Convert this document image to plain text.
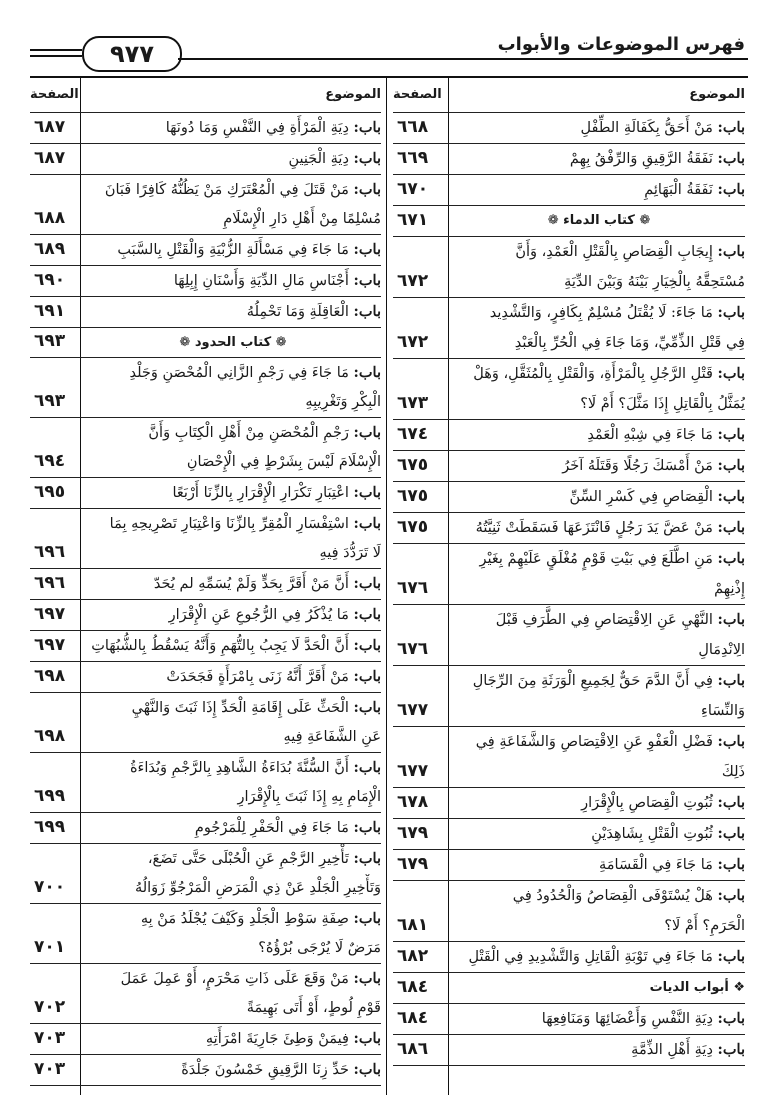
٩٧٧	فهرس الموضوعات والأبواب
الموضوع
الصفحة
باب: مَنْ أَحَقُّ بِكَفَالَةِ الطِّفْلِ
٦٦٨
باب: نَفَقَةُ الرَّقِيقِ وَالرِّفْقُ بِهِمْ
٦٦٩
باب: نَفَقَةُ الْبَهَائِمِ
٦٧٠
❁ كتاب الدماء ❁
٦٧١
باب: إِيجَابِ الْقِصَاصِ بِالْقَتْلِ الْعَمْدِ، وَأَنَّ
مُسْتَحِقَّهُ بِالْخِيَارِ بَيْنَهُ وَبَيْنَ الدِّيَةِ
٦٧٢
باب: مَا جَاءَ: لَا يُقْتَلُ مُسْلِمٌ بِكَافِرٍ، وَالتَّشْدِيد
فِي قَتْلِ الذِّمِّيِّ، وَمَا جَاءَ فِي الْحُرِّ بِالْعَبْدِ
٦٧٢
باب: قَتْلِ الرَّجُلِ بِالْمَرْأَةِ، وَالْقَتْلِ بِالْمُثَقَّلِ، وَهَلْ
يُمَثَّلُ بِالْقَاتِلِ إِذَا مَثَّلَ؟ أَمْ لَا؟
٦٧٣
باب: مَا جَاءَ فِي شِبْهِ الْعَمْدِ
٦٧٤
باب: مَنْ أَمْسَكَ رَجُلًا وَقَتَلَهُ آخَرُ
٦٧٥
باب: الْقِصَاصِ فِي كَسْرِ السِّنِّ
٦٧٥
باب: مَنْ عَضَّ يَدَ رَجُلٍ فَانْتَزَعَهَا فَسَقَطَتْ ثَنِيَّتُهُ
٦٧٥
باب: مَنِ اطَّلَعَ فِي بَيْتِ قَوْمٍ مُغْلَقٍ عَلَيْهِمْ بِغَيْرِ
إِذْنِهِمْ
٦٧٦
باب: النَّهْيِ عَنِ الِاقْتِصَاصِ فِي الطَّرَفِ قَبْلَ
الِانْدِمَالِ
٦٧٦
باب: فِي أَنَّ الدَّمَ حَقٌّ لِجَمِيعِ الْوَرَثَةِ مِنَ الرِّجَالِ
وَالنِّسَاءِ
٦٧٧
باب: فَضْلِ الْعَفْوِ عَنِ الِاقْتِصَاصِ وَالشَّفَاعَةِ فِي
ذَلِكَ
٦٧٧
باب: ثُبُوتِ الْقِصَاصِ بِالْإِقْرَارِ
٦٧٨
باب: ثُبُوتِ الْقَتْلِ بِشَاهِدَيْنِ
٦٧٩
باب: مَا جَاءَ فِي الْقَسَامَةِ
٦٧٩
باب: هَلْ يُسْتَوْفَى الْقِصَاصُ وَالْحُدُودُ فِي
الْحَرَمِ؟ أَمْ لَا؟
٦٨١
باب: مَا جَاءَ فِي تَوْبَةِ الْقَاتِلِ وَالتَّشْدِيدِ فِي الْقَتْلِ
٦٨٢
❖ أبواب الديات
٦٨٤
باب: دِيَةِ النَّفْسِ وَأَعْضَائِهَا وَمَنَافِعِهَا
٦٨٤
باب: دِيَةِ أَهْلِ الذِّمَّةِ
٦٨٦
الموضوع
الصفحة
باب: دِيَةِ الْمَرْأَةِ فِي النَّفْسِ وَمَا دُونَهَا
٦٨٧
باب: دِيَةِ الْجَنِينِ
٦٨٧
باب: مَنْ قَتَلَ فِي الْمُعْتَرَكِ مَنْ يَظُنُّهُ كَافِرًا فَبَانَ
مُسْلِمًا مِنْ أَهْلِ دَارِ الْإِسْلَامِ
٦٨٨
باب: مَا جَاءَ فِي مَسْأَلَةِ الزُّبْيَةِ وَالْقَتْلِ بِالسَّبَبِ
٦٨٩
باب: أَجْنَاسِ مَالِ الدِّيَةِ وَأَسْنَانِ إِبِلِهَا
٦٩٠
باب: الْعَاقِلَةِ وَمَا تَحْمِلُهُ
٦٩١
❁ كتاب الحدود ❁
٦٩٣
باب: مَا جَاءَ فِي رَجْمِ الزَّانِي الْمُحْصَنِ وَجَلْدِ
الْبِكْرِ وَتَغْرِيبِهِ
٦٩٣
باب: رَجْمِ الْمُحْصَنِ مِنْ أَهْلِ الْكِتَابِ وَأَنَّ
الْإِسْلَامَ لَيْسَ بِشَرْطٍ فِي الْإِحْصَانِ
٦٩٤
باب: اعْتِبَارِ تَكْرَارِ الْإِقْرَارِ بِالزِّنَا أَرْبَعًا
٦٩٥
باب: اسْتِفْسَارِ الْمُقِرِّ بِالزِّنَا وَاعْتِبَارِ تَصْرِيحِهِ بِمَا
لَا تَرَدُّدَ فِيهِ
٦٩٦
باب: أَنَّ مَنْ أَقَرَّ بِحَدٍّ وَلَمْ يُسَمِّهِ لم يُحَدّ
٦٩٦
باب: مَا يُذْكَرُ فِي الرُّجُوعِ عَنِ الْإِقْرَارِ
٦٩٧
باب: أَنَّ الْحَدَّ لَا يَجِبُ بِالتُّهَمِ وَأَنَّهُ يَسْقُطُ بِالشُّبُهَاتِ
٦٩٧
باب: مَنْ أَقَرَّ أَنَّهُ زَنَى بِامْرَأَةٍ فَجَحَدَتْ
٦٩٨
باب: الْحَثِّ عَلَى إِقَامَةِ الْحَدِّ إِذَا ثَبَتَ وَالنَّهْيِ
عَنِ الشَّفَاعَةِ فِيهِ
٦٩٨
باب: أَنَّ السُّنَّةَ بُدَاءَةُ الشَّاهِدِ بِالرَّجْمِ وَبُدَاءَةُ
الْإِمَامِ بِهِ إِذَا ثَبَتَ بِالْإِقْرَارِ
٦٩٩
باب: مَا جَاءَ فِي الْحَفْرِ لِلْمَرْجُومِ
٦٩٩
باب: تَأْخِيرِ الرَّجْمِ عَنِ الْحُبْلَى حَتَّى تَضَعَ،
وَتَأْخِيرِ الْجَلْدِ عَنْ ذِي الْمَرَضِ الْمَرْجُوِّ زَوَالُهُ
٧٠٠
باب: صِفَةِ سَوْطِ الْجَلْدِ وَكَيْفَ يُجْلَدُ مَنْ بِهِ
مَرَضٌ لَا يُرْجَى بُرْؤُهُ؟
٧٠١
باب: مَنْ وَقَعَ عَلَى ذَاتِ مَحْرَمٍ، أَوْ عَمِلَ عَمَلَ
قَوْمِ لُوطٍ، أَوْ أَتَى بَهِيمَةً
٧٠٢
باب: فِيمَنْ وَطِئَ جَارِيَةَ امْرَأَتِهِ
٧٠٣
باب: حَدِّ زِنَا الرَّقِيقِ خَمْسُونَ جَلْدَةً
٧٠٣
